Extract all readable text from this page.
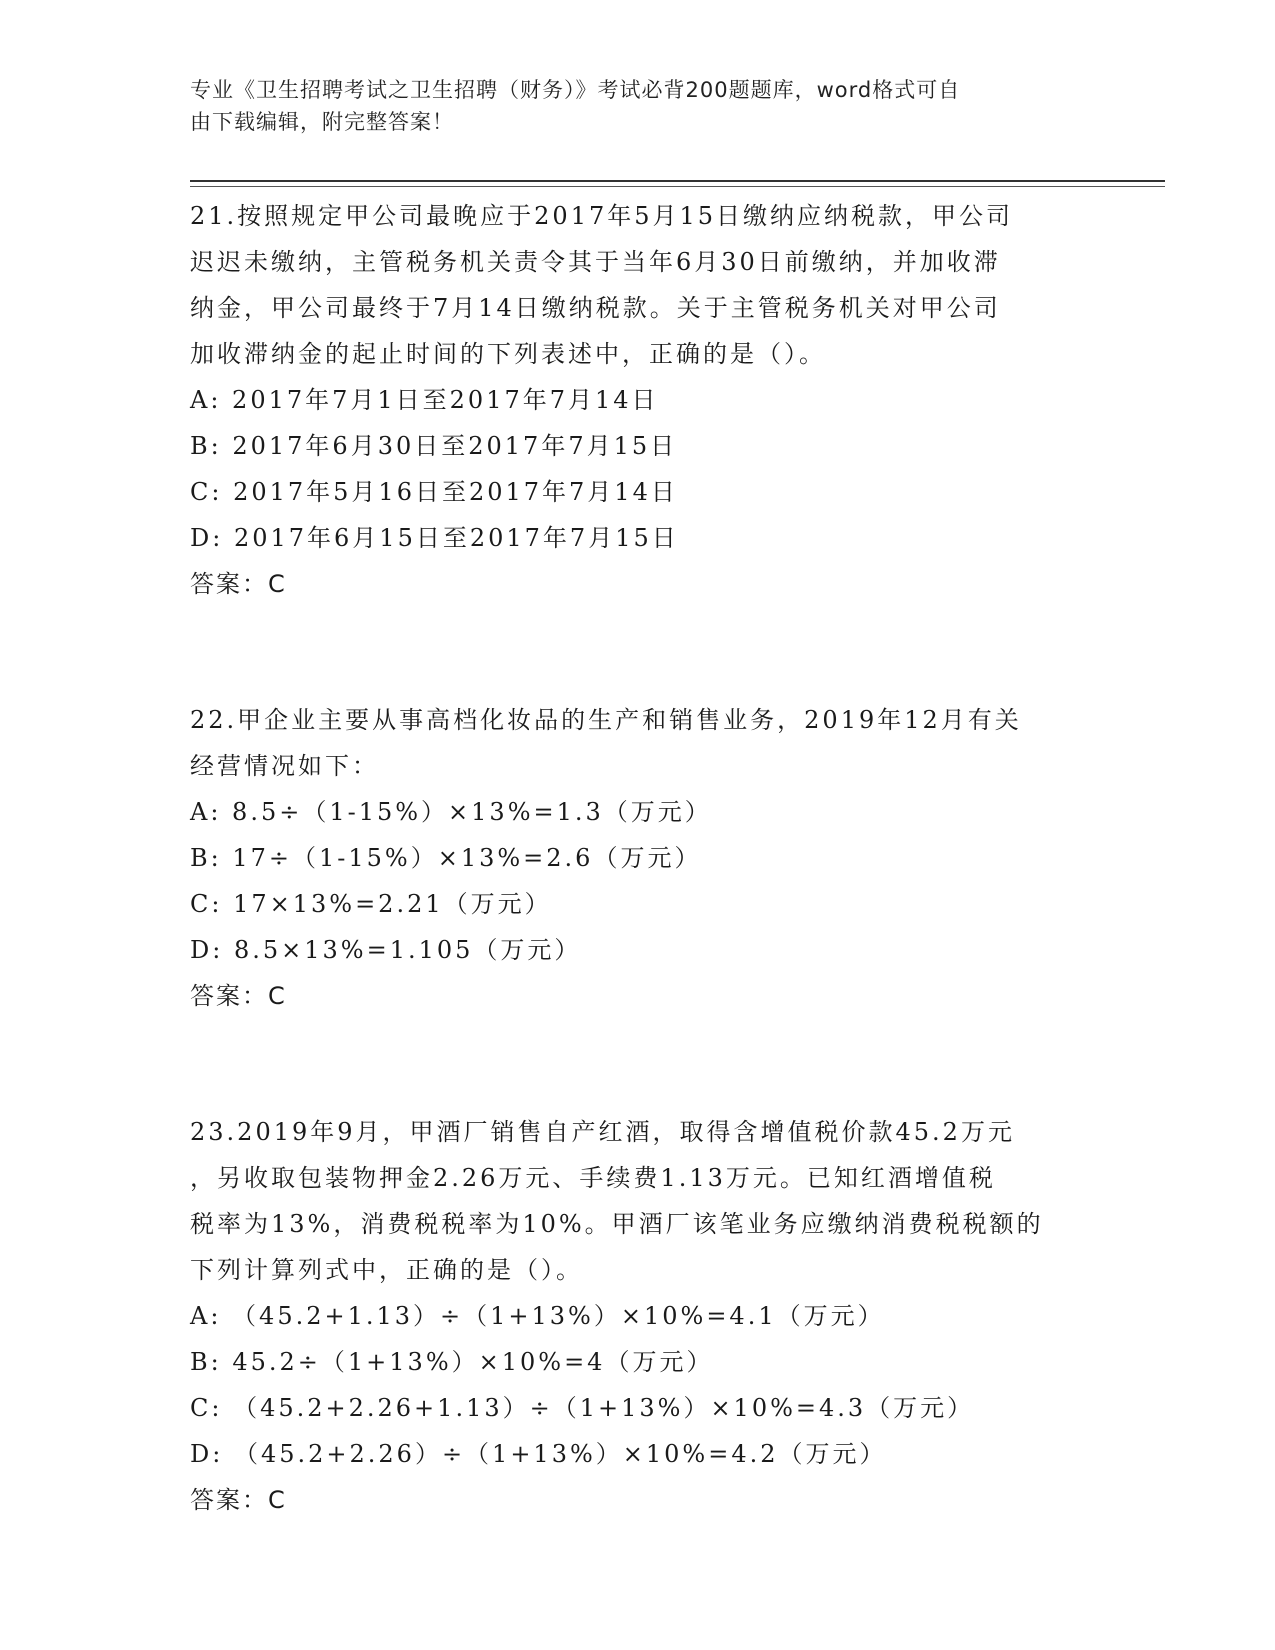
专业《卫生招聘考试之卫生招聘（财务）》考试必背200题题库，word格式可自
由下载编辑，附完整答案！
21.按照规定甲公司最晚应于2017年5月15日缴纳应纳税款，甲公司
迟迟未缴纳，主管税务机关责令其于当年6月30日前缴纳，并加收滞
纳金，甲公司最终于7月14日缴纳税款。关于主管税务机关对甲公司
加收滞纳金的起止时间的下列表述中，正确的是（）。
A: 2017年7月1日至2017年7月14日
B: 2017年6月30日至2017年7月15日
C: 2017年5月16日至2017年7月14日
D: 2017年6月15日至2017年7月15日
答案：C
22.甲企业主要从事高档化妆品的生产和销售业务，2019年12月有关
经营情况如下：
A: 8.5÷（1-15%）×13%=1.3（万元）
B: 17÷（1-15%）×13%=2.6（万元）
C: 17×13%=2.21（万元）
D: 8.5×13%=1.105（万元）
答案：C
23.2019年9月，甲酒厂销售自产红酒，取得含增值税价款45.2万元
，另收取包装物押金2.26万元、手续费1.13万元。已知红酒增值税
税率为13%，消费税税率为10%。甲酒厂该笔业务应缴纳消费税税额的
下列计算列式中，正确的是（）。
A: （45.2+1.13）÷（1+13%）×10%=4.1（万元）
B: 45.2÷（1+13%）×10%=4（万元）
C: （45.2+2.26+1.13）÷（1+13%）×10%=4.3（万元）
D: （45.2+2.26）÷（1+13%）×10%=4.2（万元）
答案：C
